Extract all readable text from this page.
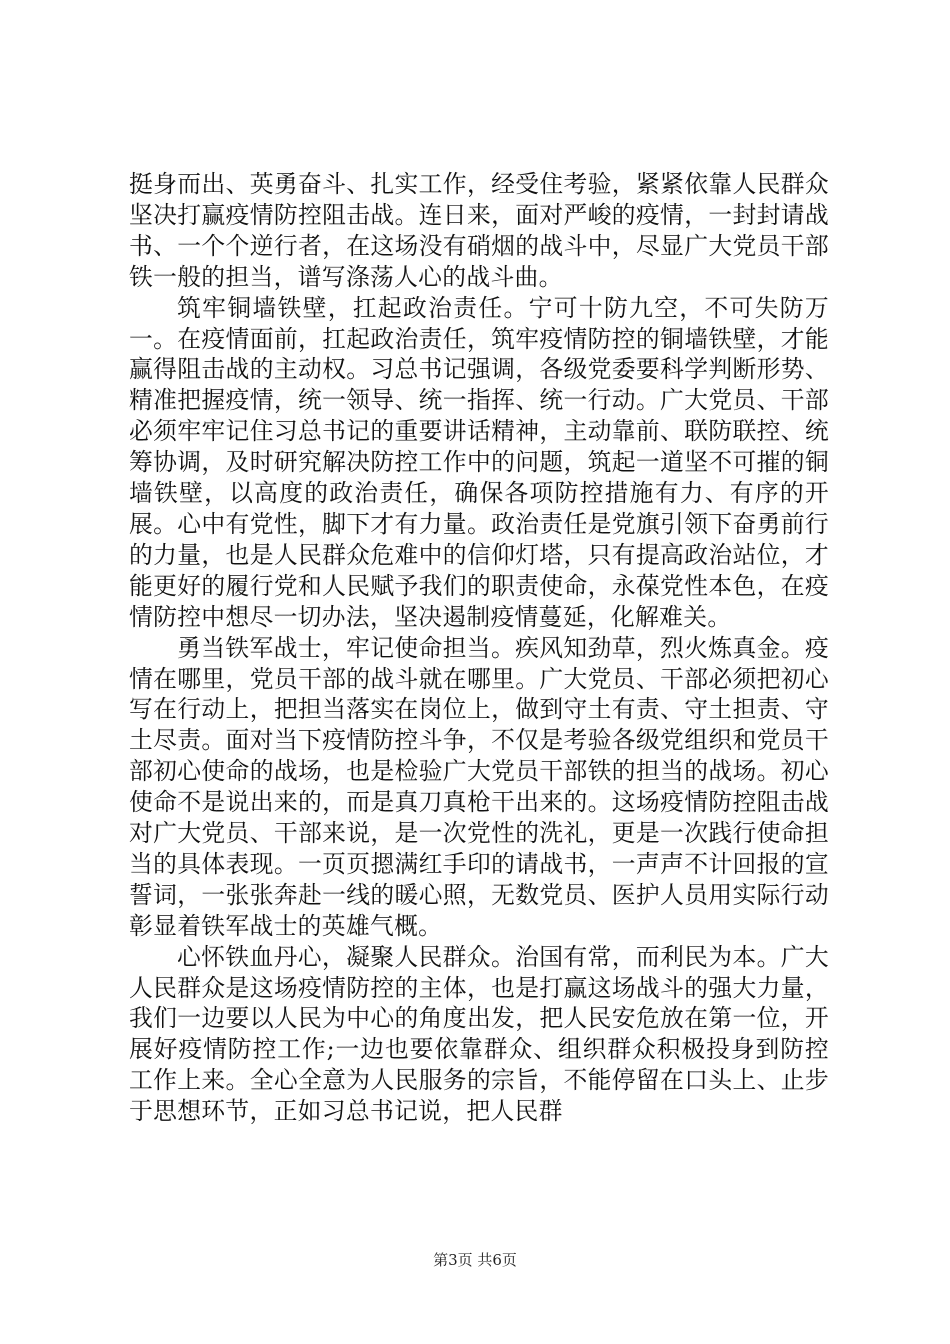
挺身而出、英勇奋斗、扎实工作，经受住考验，紧紧依靠人民群众坚决打赢疫情防控阻击战。连日来，面对严峻的疫情，一封封请战书、一个个逆行者，在这场没有硝烟的战斗中，尽显广大党员干部铁一般的担当，谱写涤荡人心的战斗曲。

筑牢铜墙铁壁，扛起政治责任。宁可十防九空，不可失防万一。在疫情面前，扛起政治责任，筑牢疫情防控的铜墙铁壁，才能赢得阻击战的主动权。习总书记强调，各级党委要科学判断形势、精准把握疫情，统一领导、统一指挥、统一行动。广大党员、干部必须牢牢记住习总书记的重要讲话精神，主动靠前、联防联控、统筹协调，及时研究解决防控工作中的问题，筑起一道坚不可摧的铜墙铁壁，以高度的政治责任，确保各项防控措施有力、有序的开展。心中有党性，脚下才有力量。政治责任是党旗引领下奋勇前行的力量，也是人民群众危难中的信仰灯塔，只有提高政治站位，才能更好的履行党和人民赋予我们的职责使命，永葆党性本色，在疫情防控中想尽一切办法，坚决遏制疫情蔓延，化解难关。

勇当铁军战士，牢记使命担当。疾风知劲草，烈火炼真金。疫情在哪里，党员干部的战斗就在哪里。广大党员、干部必须把初心写在行动上，把担当落实在岗位上，做到守土有责、守土担责、守土尽责。面对当下疫情防控斗争，不仅是考验各级党组织和党员干部初心使命的战场，也是检验广大党员干部铁的担当的战场。初心使命不是说出来的，而是真刀真枪干出来的。这场疫情防控阻击战对广大党员、干部来说，是一次党性的洗礼，更是一次践行使命担当的具体表现。一页页摁满红手印的请战书，一声声不计回报的宣誓词，一张张奔赴一线的暖心照，无数党员、医护人员用实际行动彰显着铁军战士的英雄气概。

心怀铁血丹心，凝聚人民群众。治国有常，而利民为本。广大人民群众是这场疫情防控的主体，也是打赢这场战斗的强大力量，我们一边要以人民为中心的角度出发，把人民安危放在第一位，开展好疫情防控工作;一边也要依靠群众、组织群众积极投身到防控工作上来。全心全意为人民服务的宗旨，不能停留在口头上、止步于思想环节，正如习总书记说，把人民群

第3页 共6页
